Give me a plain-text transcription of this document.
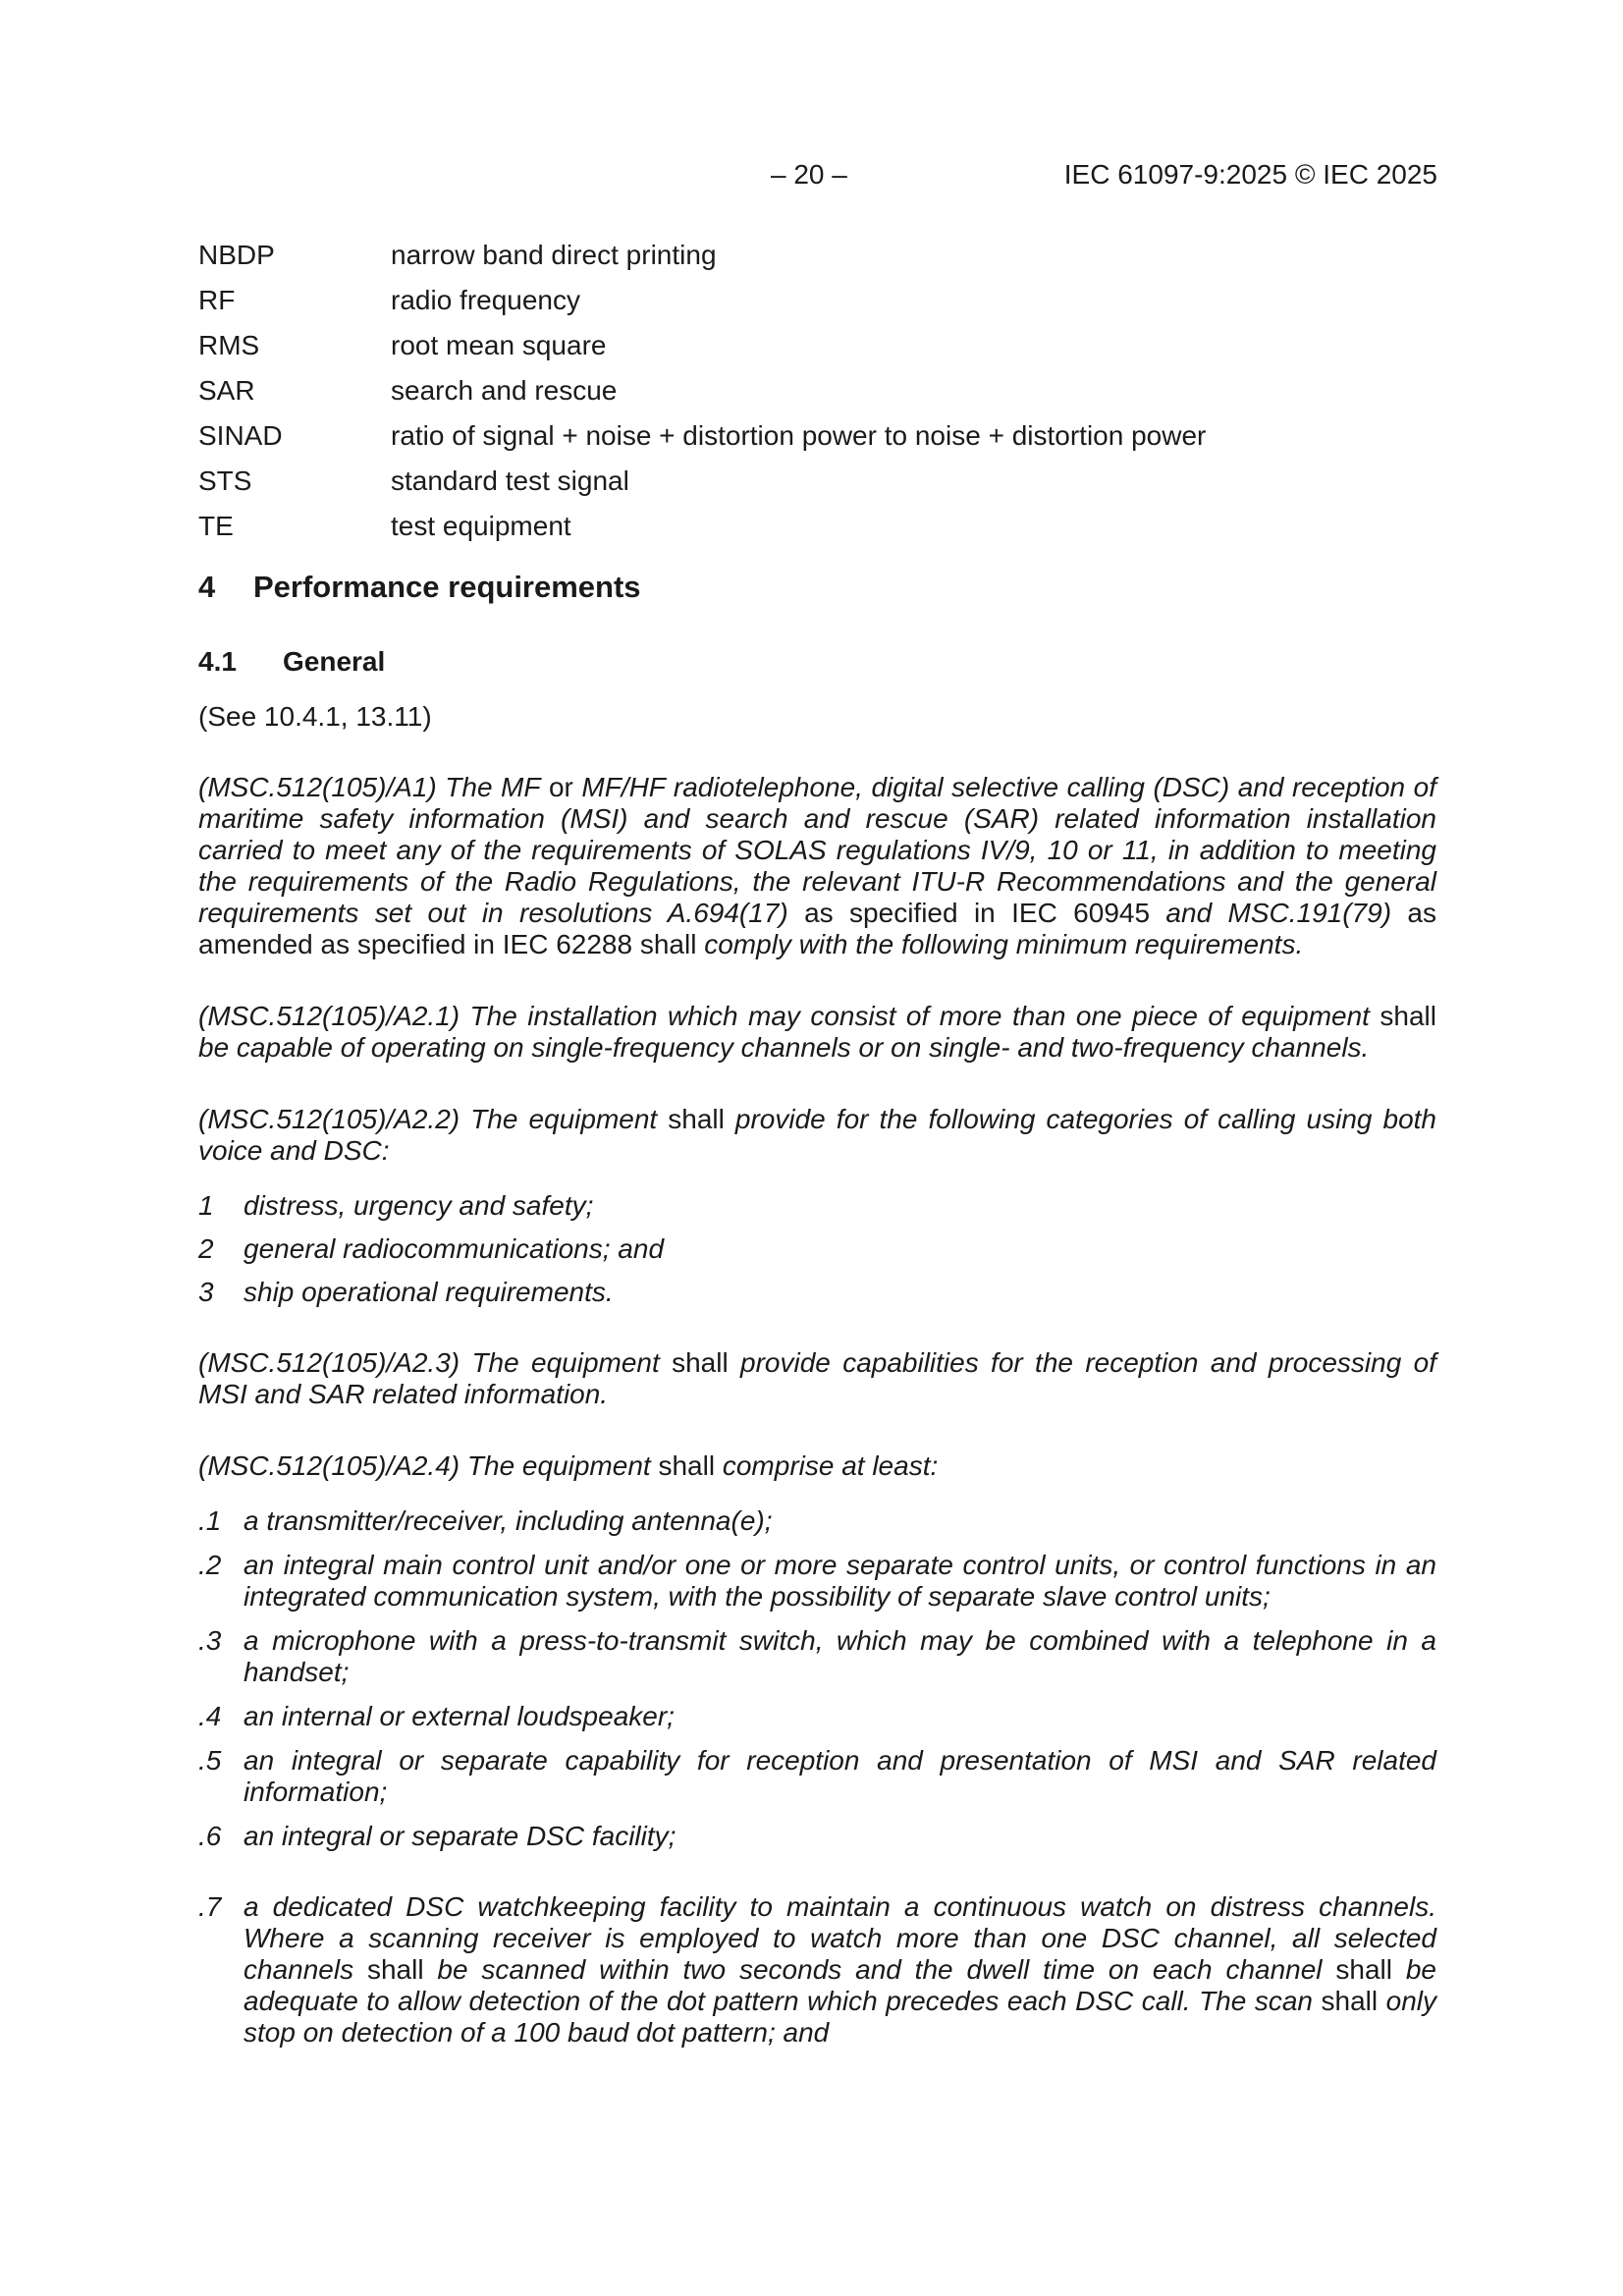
– 20 –	IEC 61097-9:2025 © IEC 2025
NBDP	narrow band direct printing
RF	radio frequency
RMS	root mean square
SAR	search and rescue
SINAD	ratio of signal + noise + distortion power to noise + distortion power
STS	standard test signal
TE	test equipment
4 Performance requirements
4.1 General
(See 10.4.1, 13.11)
(MSC.512(105)/A1) The MF or MF/HF radiotelephone, digital selective calling (DSC) and reception of maritime safety information (MSI) and search and rescue (SAR) related information installation carried to meet any of the requirements of SOLAS regulations IV/9, 10 or 11, in addition to meeting the requirements of the Radio Regulations, the relevant ITU-R Recommendations and the general requirements set out in resolutions A.694(17) as specified in IEC 60945 and MSC.191(79) as amended as specified in IEC 62288 shall comply with the following minimum requirements.
(MSC.512(105)/A2.1) The installation which may consist of more than one piece of equipment shall be capable of operating on single-frequency channels or on single- and two-frequency channels.
(MSC.512(105)/A2.2) The equipment shall provide for the following categories of calling using both voice and DSC:
1	distress, urgency and safety;
2	general radiocommunications; and
3	ship operational requirements.
(MSC.512(105)/A2.3) The equipment shall provide capabilities for the reception and processing of MSI and SAR related information.
(MSC.512(105)/A2.4) The equipment shall comprise at least:
.1 a transmitter/receiver, including antenna(e);
.2 an integral main control unit and/or one or more separate control units, or control functions in an integrated communication system, with the possibility of separate slave control units;
.3 a microphone with a press-to-transmit switch, which may be combined with a telephone in a handset;
.4 an internal or external loudspeaker;
.5 an integral or separate capability for reception and presentation of MSI and SAR related information;
.6 an integral or separate DSC facility;
.7 a dedicated DSC watchkeeping facility to maintain a continuous watch on distress channels. Where a scanning receiver is employed to watch more than one DSC channel, all selected channels shall be scanned within two seconds and the dwell time on each channel shall be adequate to allow detection of the dot pattern which precedes each DSC call. The scan shall only stop on detection of a 100 baud dot pattern; and
